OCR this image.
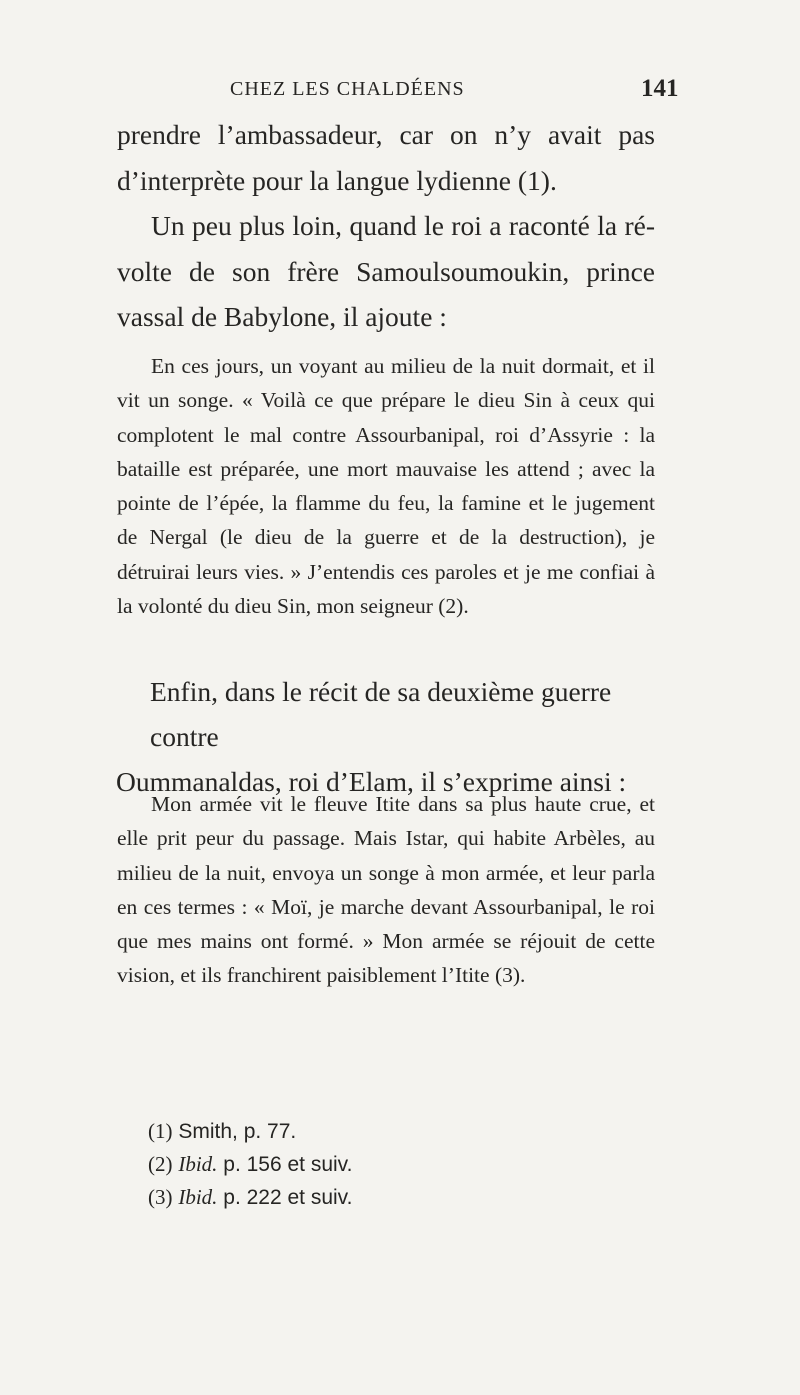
CHEZ LES CHALDÉENS	141

prendre l’ambassadeur, car on n’y avait pas d’interprète pour la langue lydienne (1).

Un peu plus loin, quand le roi a raconté la révolte de son frère Samoulsoumoukin, prince vassal de Babylone, il ajoute :

En ces jours, un voyant au milieu de la nuit dormait, et il vit un songe. « Voilà ce que prépare le dieu Sin à ceux qui complotent le mal contre Assourbanipal, roi d’Assyrie : la bataille est préparée, une mort mauvaise les attend ; avec la pointe de l’épée, la flamme du feu, la famine et le jugement de Nergal (le dieu de la guerre et de la destruction), je détruirai leurs vies. » J’entendis ces paroles et je me confiai à la volonté du dieu Sin, mon seigneur (2).

Enfin, dans le récit de sa deuxième guerre contre
Oummanaldas, roi d’Elam, il s’exprime ainsi :

Mon armée vit le fleuve Itite dans sa plus haute crue, et elle prit peur du passage. Mais Istar, qui habite Arbèles, au milieu de la nuit, envoya un songe à mon armée, et leur parla en ces termes : « Moï, je marche devant Assourbanipal, le roi que mes mains ont formé. » Mon armée se réjouit de cette vision, et ils franchirent paisiblement l’Itite (3).

(1) Smith, p. 77.
(2) Ibid. p. 156 et suiv.
(3) Ibid. p. 222 et suiv.
